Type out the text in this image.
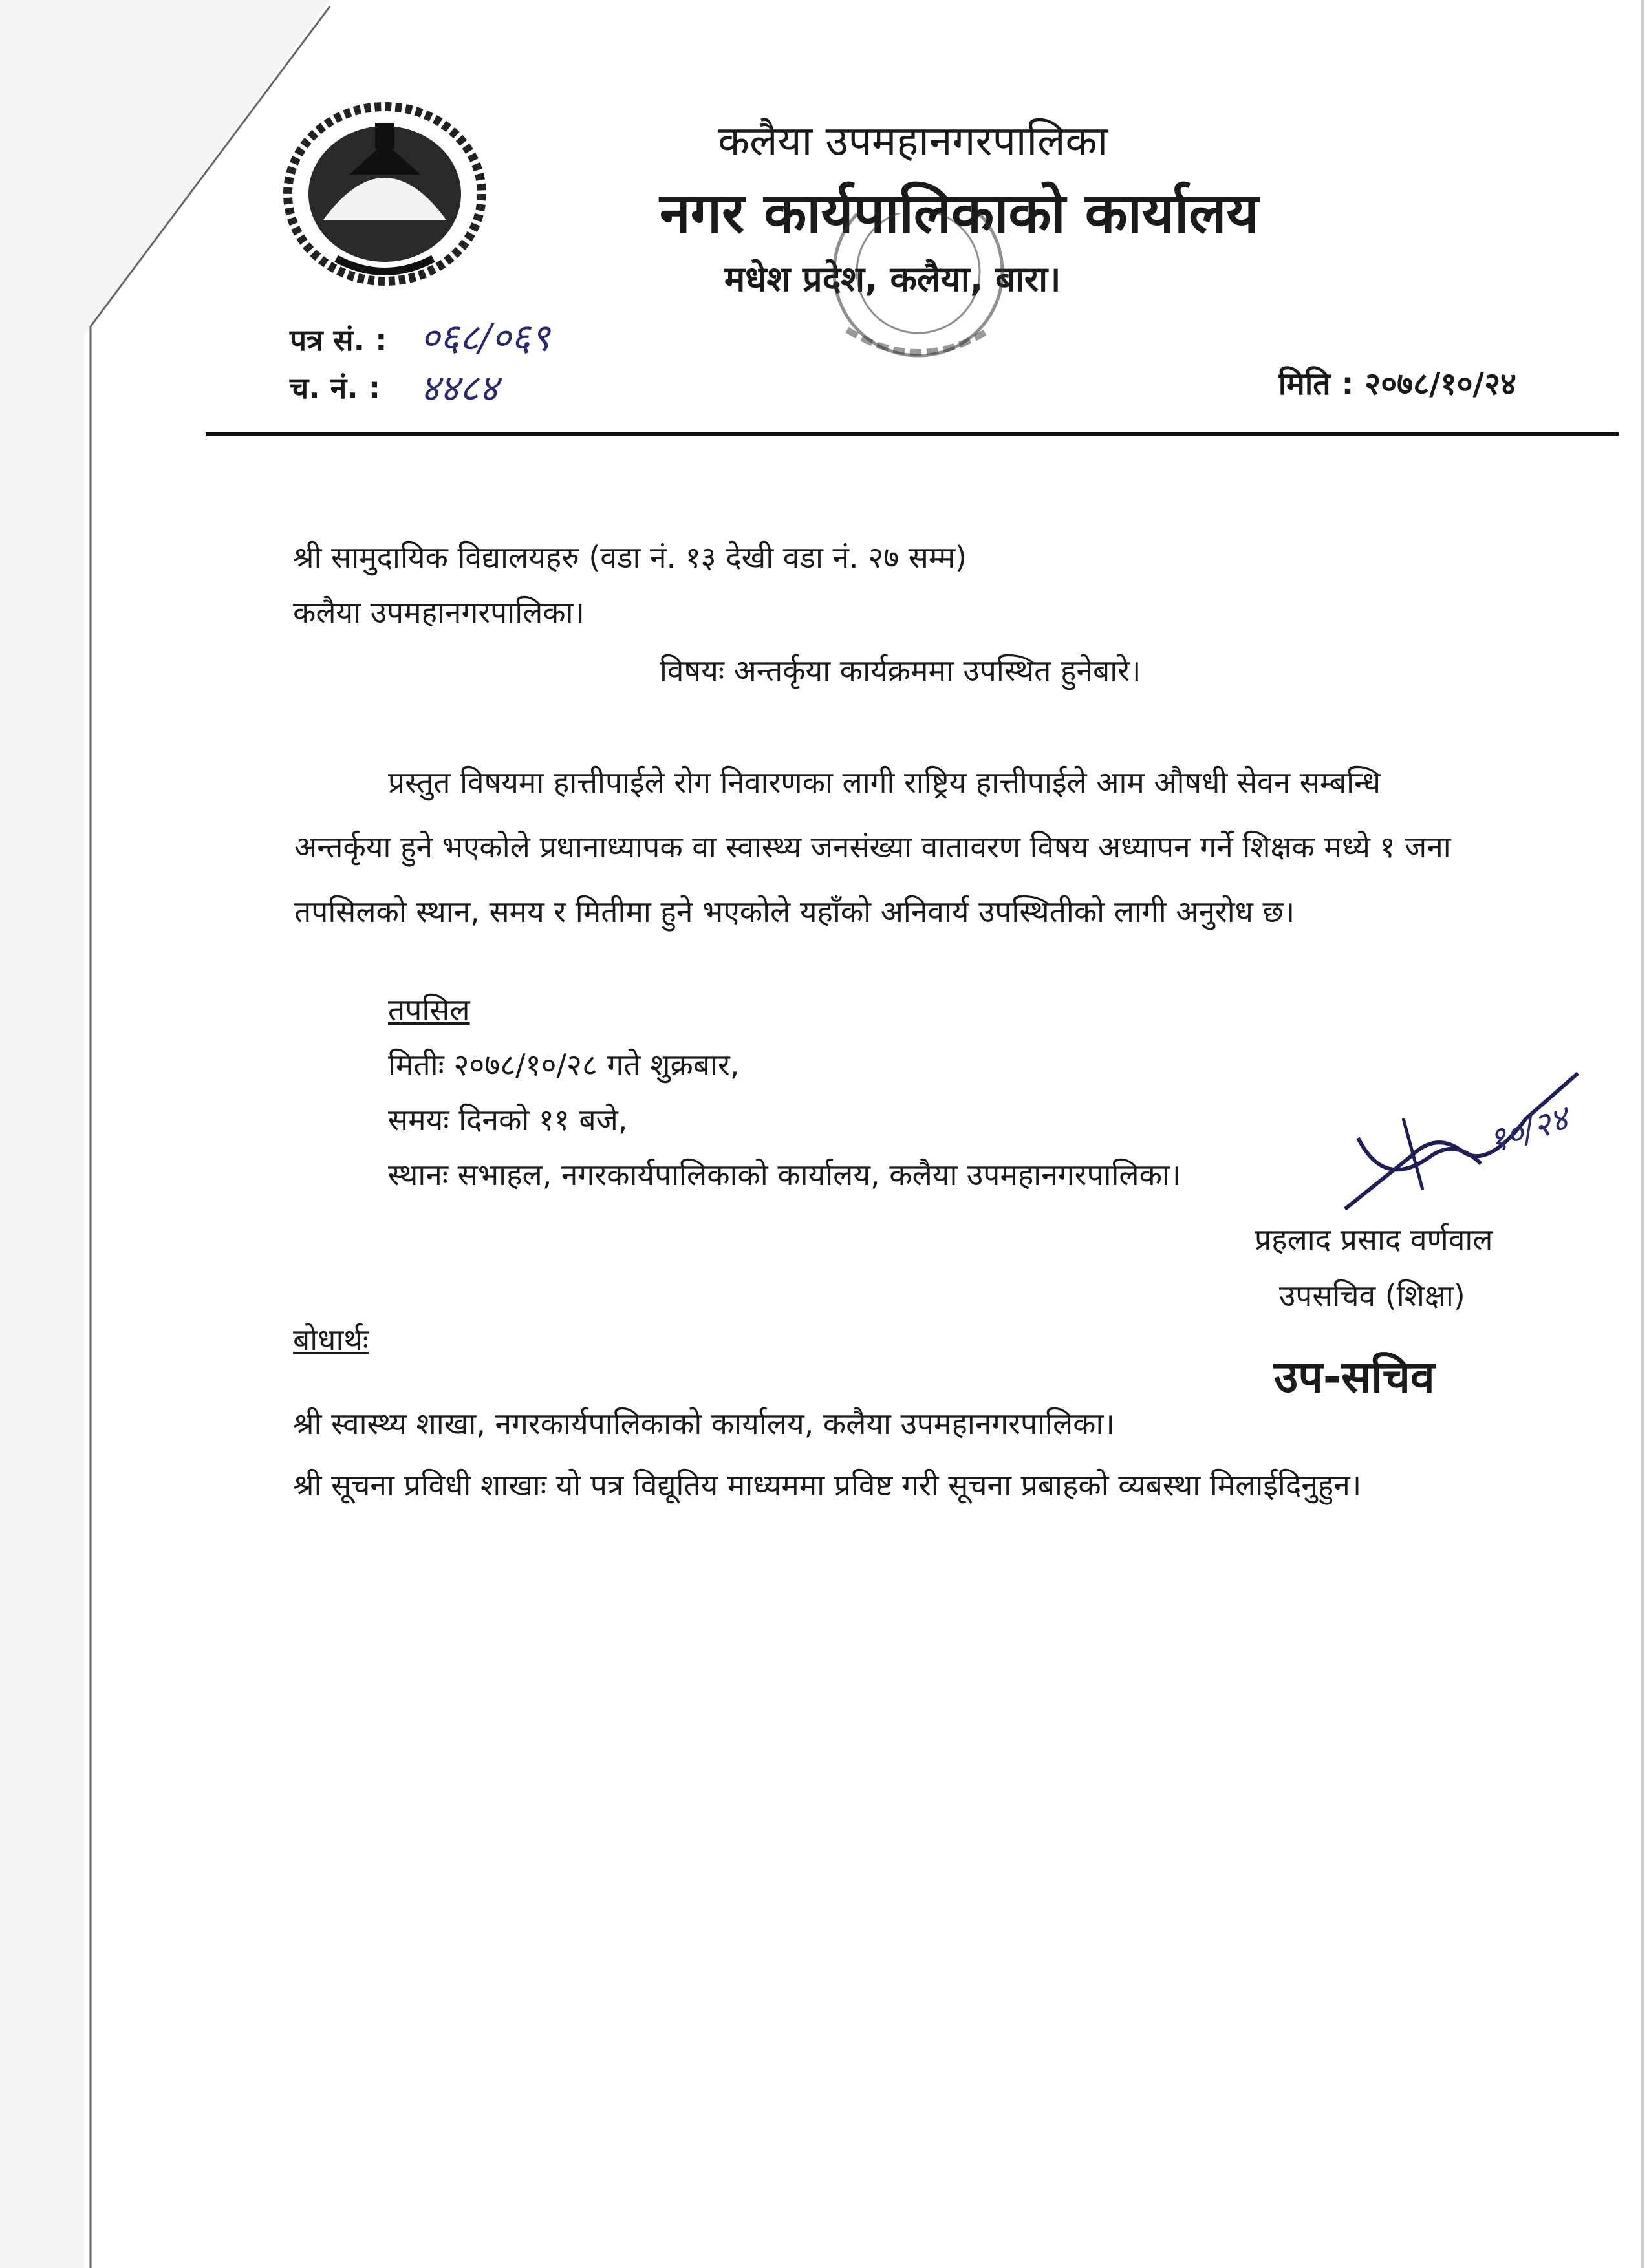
कलैया उपमहानगरपालिका
नगर कार्यपालिकाको कार्यालय
मधेश प्रदेश, कलैया, बारा।
पत्र सं. : ०६८/०६९
च. नं. : ४४८४	मिति : २०७८/१०/२४
श्री सामुदायिक विद्यालयहरु (वडा नं. १३ देखी वडा नं. २७ सम्म)
कलैया उपमहानगरपालिका।
विषयः अन्तर्कृया कार्यक्रममा उपस्थित हुनेबारे।
प्रस्तुत विषयमा हात्तीपाईले रोग निवारणका लागी राष्ट्रिय हात्तीपाईले आम औषधी सेवन सम्बन्धि
अन्तर्कृया हुने भएकोले प्रधानाध्यापक वा स्वास्थ्य जनसंख्या वातावरण विषय अध्यापन गर्ने शिक्षक मध्ये १ जना
तपसिलको स्थान, समय र मितीमा हुने भएकोले यहाँको अनिवार्य उपस्थितीको लागी अनुरोध छ।
तपसिल
मितीः २०७८/१०/२८ गते शुक्रबार,
समयः दिनको ११ बजे,
स्थानः सभाहल, नगरकार्यपालिकाको कार्यालय, कलैया उपमहानगरपालिका।
१०/२४
प्रहलाद प्रसाद वर्णवाल
उपसचिव (शिक्षा)
उप-सचिव
बोधार्थः
श्री स्वास्थ्य शाखा, नगरकार्यपालिकाको कार्यालय, कलैया उपमहानगरपालिका।
श्री सूचना प्रविधी शाखाः यो पत्र विद्यूतिय माध्यममा प्रविष्ट गरी सूचना प्रबाहको व्यबस्था मिलाईदिनुहुन।
